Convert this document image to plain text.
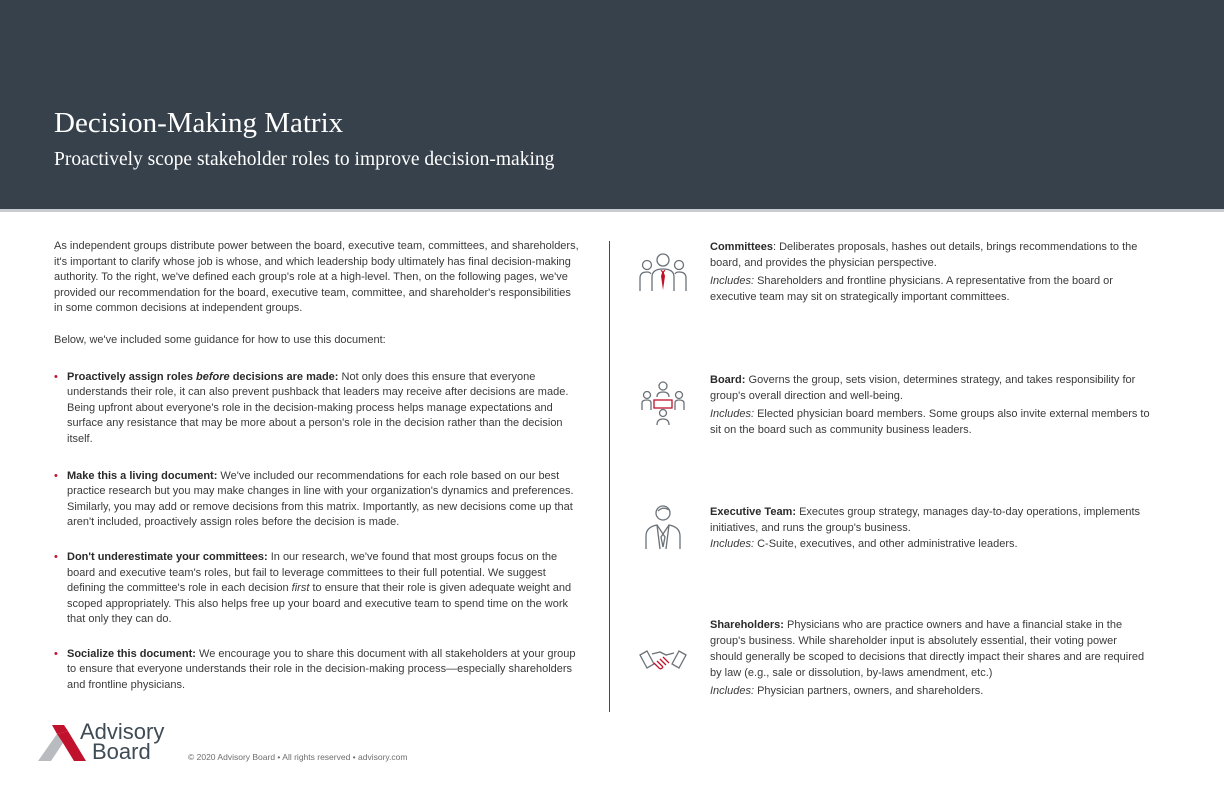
Decision-Making Matrix
Proactively scope stakeholder roles to improve decision-making

As independent groups distribute power between the board, executive team, committees, and shareholders, it's important to clarify whose job is whose, and which leadership body ultimately has final decision-making authority. To the right, we've defined each group's role at a high-level. Then, on the following pages, we've provided our recommendation for the board, executive team, committee, and shareholder's responsibilities in some common decisions at independent groups.

Below, we've included some guidance for how to use this document:

• Proactively assign roles before decisions are made: Not only does this ensure that everyone understands their role, it can also prevent pushback that leaders may receive after decisions are made. Being upfront about everyone's role in the decision-making process helps manage expectations and surface any resistance that may be more about a person's role in the decision rather than the decision itself.
• Make this a living document: We've included our recommendations for each role based on our best practice research but you may make changes in line with your organization's dynamics and preferences. Similarly, you may add or remove decisions from this matrix. Importantly, as new decisions come up that aren't included, proactively assign roles before the decision is made.
• Don't underestimate your committees: In our research, we've found that most groups focus on the board and executive team's roles, but fail to leverage committees to their full potential. We suggest defining the committee's role in each decision first to ensure that their role is given adequate weight and scoped appropriately. This also helps free up your board and executive team to spend time on the work that only they can do.
• Socialize this document: We encourage you to share this document with all stakeholders at your group to ensure that everyone understands their role in the decision-making process—especially shareholders and frontline physicians.

Committees: Deliberates proposals, hashes out details, brings recommendations to the board, and provides the physician perspective.

Includes: Shareholders and frontline physicians. A representative from the board or executive team may sit on strategically important committees.

Board: Governs the group, sets vision, determines strategy, and takes responsibility for group's overall direction and well-being.

Includes: Elected physician board members. Some groups also invite external members to sit on the board such as community business leaders.

Executive Team: Executes group strategy, manages day-to-day operations, implements initiatives, and runs the group's business.

Includes: C-Suite, executives, and other administrative leaders.

Shareholders: Physicians who are practice owners and have a financial stake in the group's business. While shareholder input is absolutely essential, their voting power should generally be scoped to decisions that directly impact their shares and are required by law (e.g., sale or dissolution, by-laws amendment, etc.)

Includes: Physician partners, owners, and shareholders.

Advisory
Board	© 2020 Advisory Board • All rights reserved • advisory.com
